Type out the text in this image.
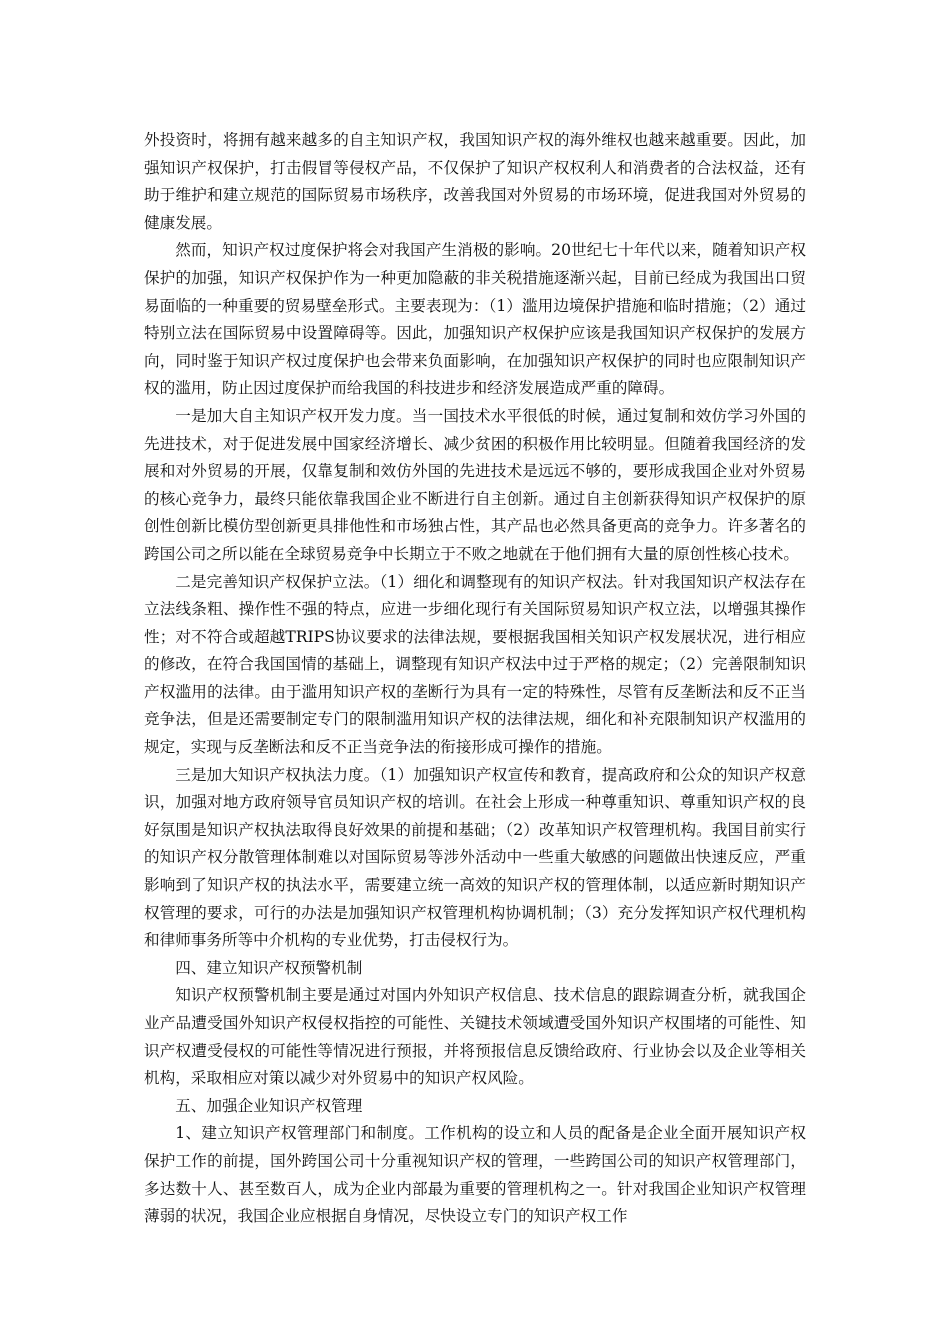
外投资时，将拥有越来越多的自主知识产权，我国知识产权的海外维权也越来越重要。因此，加强知识产权保护，打击假冒等侵权产品，不仅保护了知识产权权利人和消费者的合法权益，还有助于维护和建立规范的国际贸易市场秩序，改善我国对外贸易的市场环境，促进我国对外贸易的健康发展。

然而，知识产权过度保护将会对我国产生消极的影响。20世纪七十年代以来，随着知识产权保护的加强，知识产权保护作为一种更加隐蔽的非关税措施逐渐兴起，目前已经成为我国出口贸易面临的一种重要的贸易壁垒形式。主要表现为：（1）滥用边境保护措施和临时措施；（2）通过特别立法在国际贸易中设置障碍等。因此，加强知识产权保护应该是我国知识产权保护的发展方向，同时鉴于知识产权过度保护也会带来负面影响，在加强知识产权保护的同时也应限制知识产权的滥用，防止因过度保护而给我国的科技进步和经济发展造成严重的障碍。

一是加大自主知识产权开发力度。当一国技术水平很低的时候，通过复制和效仿学习外国的先进技术，对于促进发展中国家经济增长、减少贫困的积极作用比较明显。但随着我国经济的发展和对外贸易的开展，仅靠复制和效仿外国的先进技术是远远不够的，要形成我国企业对外贸易的核心竞争力，最终只能依靠我国企业不断进行自主创新。通过自主创新获得知识产权保护的原创性创新比模仿型创新更具排他性和市场独占性，其产品也必然具备更高的竞争力。许多著名的跨国公司之所以能在全球贸易竞争中长期立于不败之地就在于他们拥有大量的原创性核心技术。

二是完善知识产权保护立法。（1）细化和调整现有的知识产权法。针对我国知识产权法存在立法线条粗、操作性不强的特点，应进一步细化现行有关国际贸易知识产权立法，以增强其操作性；对不符合或超越TRIPS协议要求的法律法规，要根据我国相关知识产权发展状况，进行相应的修改，在符合我国国情的基础上，调整现有知识产权法中过于严格的规定；（2）完善限制知识产权滥用的法律。由于滥用知识产权的垄断行为具有一定的特殊性，尽管有反垄断法和反不正当竞争法，但是还需要制定专门的限制滥用知识产权的法律法规，细化和补充限制知识产权滥用的规定，实现与反垄断法和反不正当竞争法的衔接形成可操作的措施。

三是加大知识产权执法力度。（1）加强知识产权宣传和教育，提高政府和公众的知识产权意识，加强对地方政府领导官员知识产权的培训。在社会上形成一种尊重知识、尊重知识产权的良好氛围是知识产权执法取得良好效果的前提和基础；（2）改革知识产权管理机构。我国目前实行的知识产权分散管理体制难以对国际贸易等涉外活动中一些重大敏感的问题做出快速反应，严重影响到了知识产权的执法水平，需要建立统一高效的知识产权的管理体制，以适应新时期知识产权管理的要求，可行的办法是加强知识产权管理机构协调机制；（3）充分发挥知识产权代理机构和律师事务所等中介机构的专业优势，打击侵权行为。

四、建立知识产权预警机制

知识产权预警机制主要是通过对国内外知识产权信息、技术信息的跟踪调查分析，就我国企业产品遭受国外知识产权侵权指控的可能性、关键技术领域遭受国外知识产权围堵的可能性、知识产权遭受侵权的可能性等情况进行预报，并将预报信息反馈给政府、行业协会以及企业等相关机构，采取相应对策以减少对外贸易中的知识产权风险。

五、加强企业知识产权管理

1、建立知识产权管理部门和制度。工作机构的设立和人员的配备是企业全面开展知识产权保护工作的前提，国外跨国公司十分重视知识产权的管理，一些跨国公司的知识产权管理部门，多达数十人、甚至数百人，成为企业内部最为重要的管理机构之一。针对我国企业知识产权管理薄弱的状况，我国企业应根据自身情况，尽快设立专门的知识产权工作
